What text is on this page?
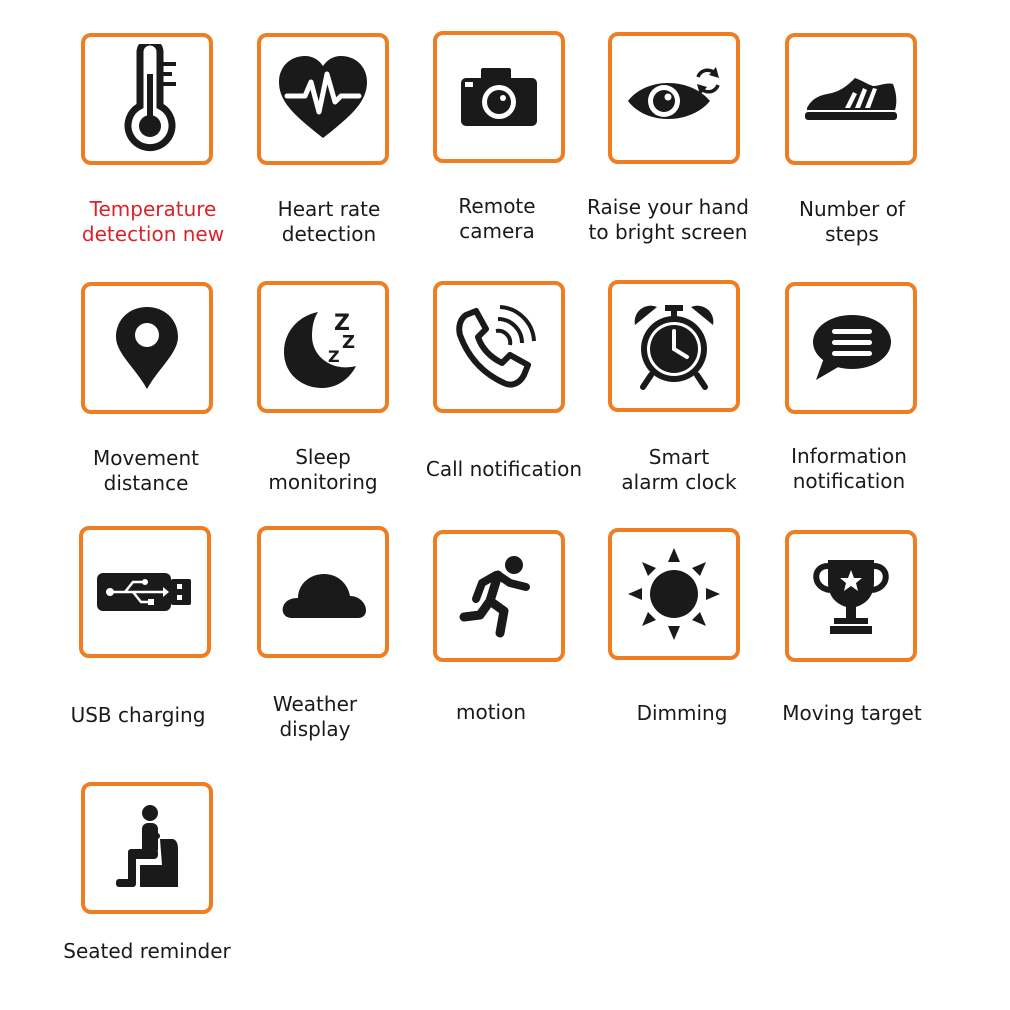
Temperature
detection new
Heart rate
detection
Remote
camera
Raise your hand
to bright screen
Number of
steps
Movement
distance
Z
Z
Z
Sleep
monitoring
Call notification	Smart
alarm clock
Information
notification
USB charging	Weather
display
motion	Dimming	Moving target
Seated reminder
